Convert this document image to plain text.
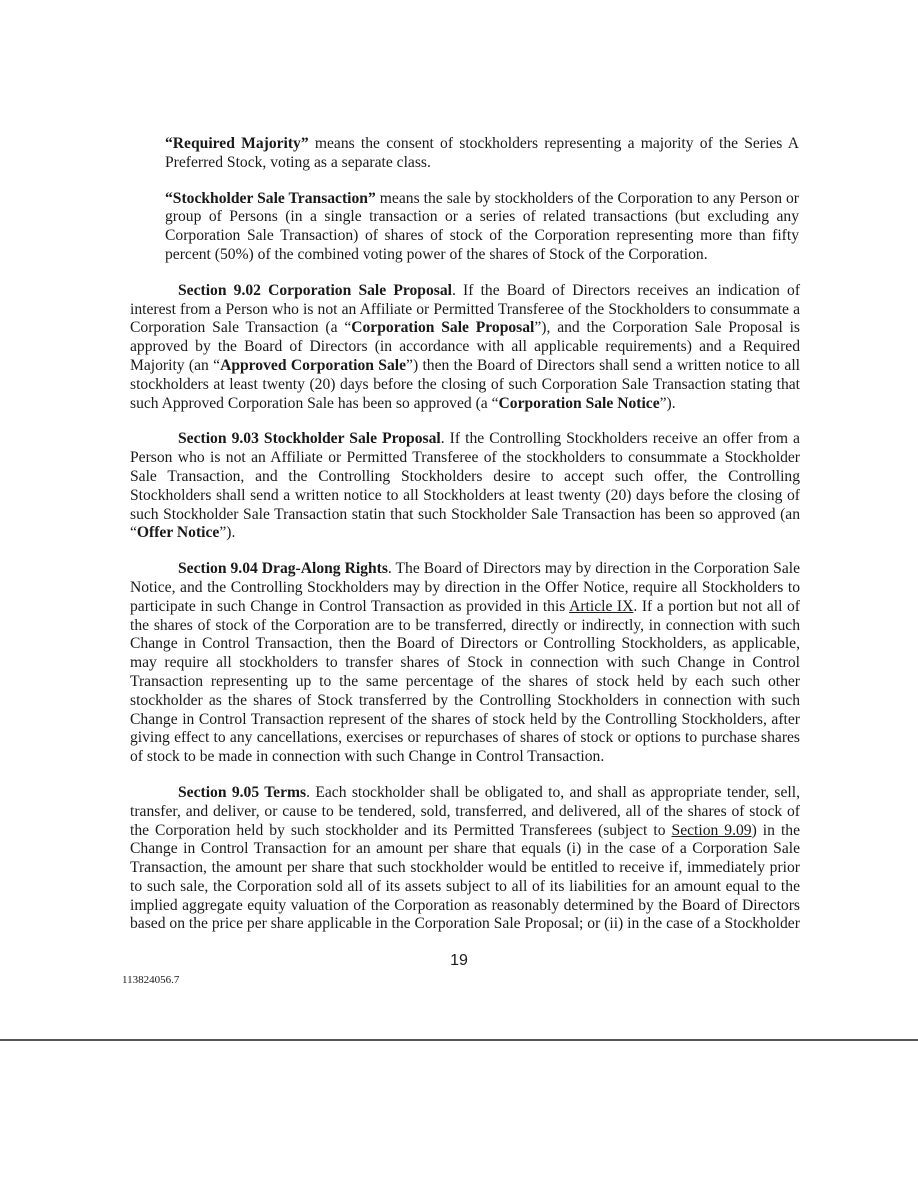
“Required Majority” means the consent of stockholders representing a majority of the Series A Preferred Stock, voting as a separate class.
“Stockholder Sale Transaction” means the sale by stockholders of the Corporation to any Person or group of Persons (in a single transaction or a series of related transactions (but excluding any Corporation Sale Transaction) of shares of stock of the Corporation representing more than fifty percent (50%) of the combined voting power of the shares of Stock of the Corporation.
Section 9.02 Corporation Sale Proposal. If the Board of Directors receives an indication of interest from a Person who is not an Affiliate or Permitted Transferee of the Stockholders to consummate a Corporation Sale Transaction (a “Corporation Sale Proposal”), and the Corporation Sale Proposal is approved by the Board of Directors (in accordance with all applicable requirements) and a Required Majority (an “Approved Corporation Sale”) then the Board of Directors shall send a written notice to all stockholders at least twenty (20) days before the closing of such Corporation Sale Transaction stating that such Approved Corporation Sale has been so approved (a “Corporation Sale Notice”).
Section 9.03 Stockholder Sale Proposal. If the Controlling Stockholders receive an offer from a Person who is not an Affiliate or Permitted Transferee of the stockholders to consummate a Stockholder Sale Transaction, and the Controlling Stockholders desire to accept such offer, the Controlling Stockholders shall send a written notice to all Stockholders at least twenty (20) days before the closing of such Stockholder Sale Transaction statin that such Stockholder Sale Transaction has been so approved (an “Offer Notice”).
Section 9.04 Drag-Along Rights. The Board of Directors may by direction in the Corporation Sale Notice, and the Controlling Stockholders may by direction in the Offer Notice, require all Stockholders to participate in such Change in Control Transaction as provided in this Article IX. If a portion but not all of the shares of stock of the Corporation are to be transferred, directly or indirectly, in connection with such Change in Control Transaction, then the Board of Directors or Controlling Stockholders, as applicable, may require all stockholders to transfer shares of Stock in connection with such Change in Control Transaction representing up to the same percentage of the shares of stock held by each such other stockholder as the shares of Stock transferred by the Controlling Stockholders in connection with such Change in Control Transaction represent of the shares of stock held by the Controlling Stockholders, after giving effect to any cancellations, exercises or repurchases of shares of stock or options to purchase shares of stock to be made in connection with such Change in Control Transaction.
Section 9.05 Terms. Each stockholder shall be obligated to, and shall as appropriate tender, sell, transfer, and deliver, or cause to be tendered, sold, transferred, and delivered, all of the shares of stock of the Corporation held by such stockholder and its Permitted Transferees (subject to Section 9.09) in the Change in Control Transaction for an amount per share that equals (i) in the case of a Corporation Sale Transaction, the amount per share that such stockholder would be entitled to receive if, immediately prior to such sale, the Corporation sold all of its assets subject to all of its liabilities for an amount equal to the implied aggregate equity valuation of the Corporation as reasonably determined by the Board of Directors based on the price per share applicable in the Corporation Sale Proposal; or (ii) in the case of a Stockholder
19
113824056.7
